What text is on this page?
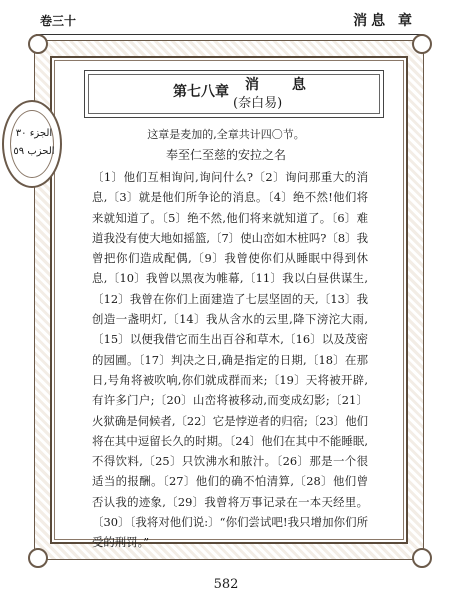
卷三十	消息 章
الجزء ٣٠
الحزب ٥٩
第七八章 消 息
(奈白易)
这章是麦加的,全章共计四〇节。
奉至仁至慈的安拉之名

〔1〕他们互相询问,询问什么?〔2〕询问那重大的消息,〔3〕就是他们所争论的消息。〔4〕绝不然!他们将来就知道了。〔5〕绝不然,他们将来就知道了。〔6〕难道我没有使大地如摇篮,〔7〕使山峦如木桩吗?〔8〕我曾把你们造成配偶,〔9〕我曾使你们从睡眠中得到休息,〔10〕我曾以黑夜为帷幕,〔11〕我以白昼供谋生,〔12〕我曾在你们上面建造了七层坚固的天,〔13〕我创造一盏明灯,〔14〕我从含水的云里,降下滂沱大雨,〔15〕以便我借它而生出百谷和草木,〔16〕以及茂密的园圃。〔17〕判决之日,确是指定的日期,〔18〕在那日,号角将被吹响,你们就成群而来;〔19〕天将被开辟,有许多门户;〔20〕山峦将被移动,而变成幻影;〔21〕火狱确是伺候者,〔22〕它是悖逆者的归宿;〔23〕他们将在其中逗留长久的时期。〔24〕他们在其中不能睡眠,不得饮料,〔25〕只饮沸水和脓汁。〔26〕那是一个很适当的报酬。〔27〕他们的确不怕清算,〔28〕他们曾否认我的迹象,〔29〕我曾将万事记录在一本天经里。〔30〕〔我将对他们说:〕“你们尝试吧!我只增加你们所受的刑罚。”

582
